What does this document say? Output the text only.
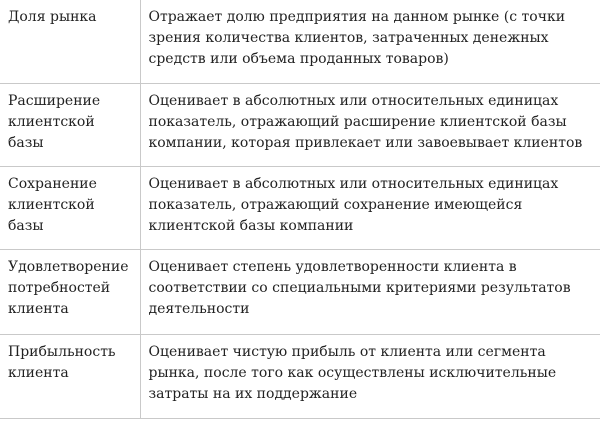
Доля рынка	Отражает долю предприятия на данном рынке (с точки
зрения количества клиентов, затраченных денежных
средств или объема проданных товаров)

Расширение
клиентской
базы	Оценивает в абсолютных или относительных единицах
показатель, отражающий расширение клиентской базы
компании, которая привлекает или завоевывает клиентов

Сохранение
клиентской
базы	Оценивает в абсолютных или относительных единицах
показатель, отражающий сохранение имеющейся
клиентской базы компании

Удовлетворение
потребностей
клиента	Оценивает степень удовлетворенности клиента в
соответствии со специальными критериями результатов
деятельности

Прибыльность
клиента	Оценивает чистую прибыль от клиента или сегмента
рынка, после того как осуществлены исключительные
затраты на их поддержание
